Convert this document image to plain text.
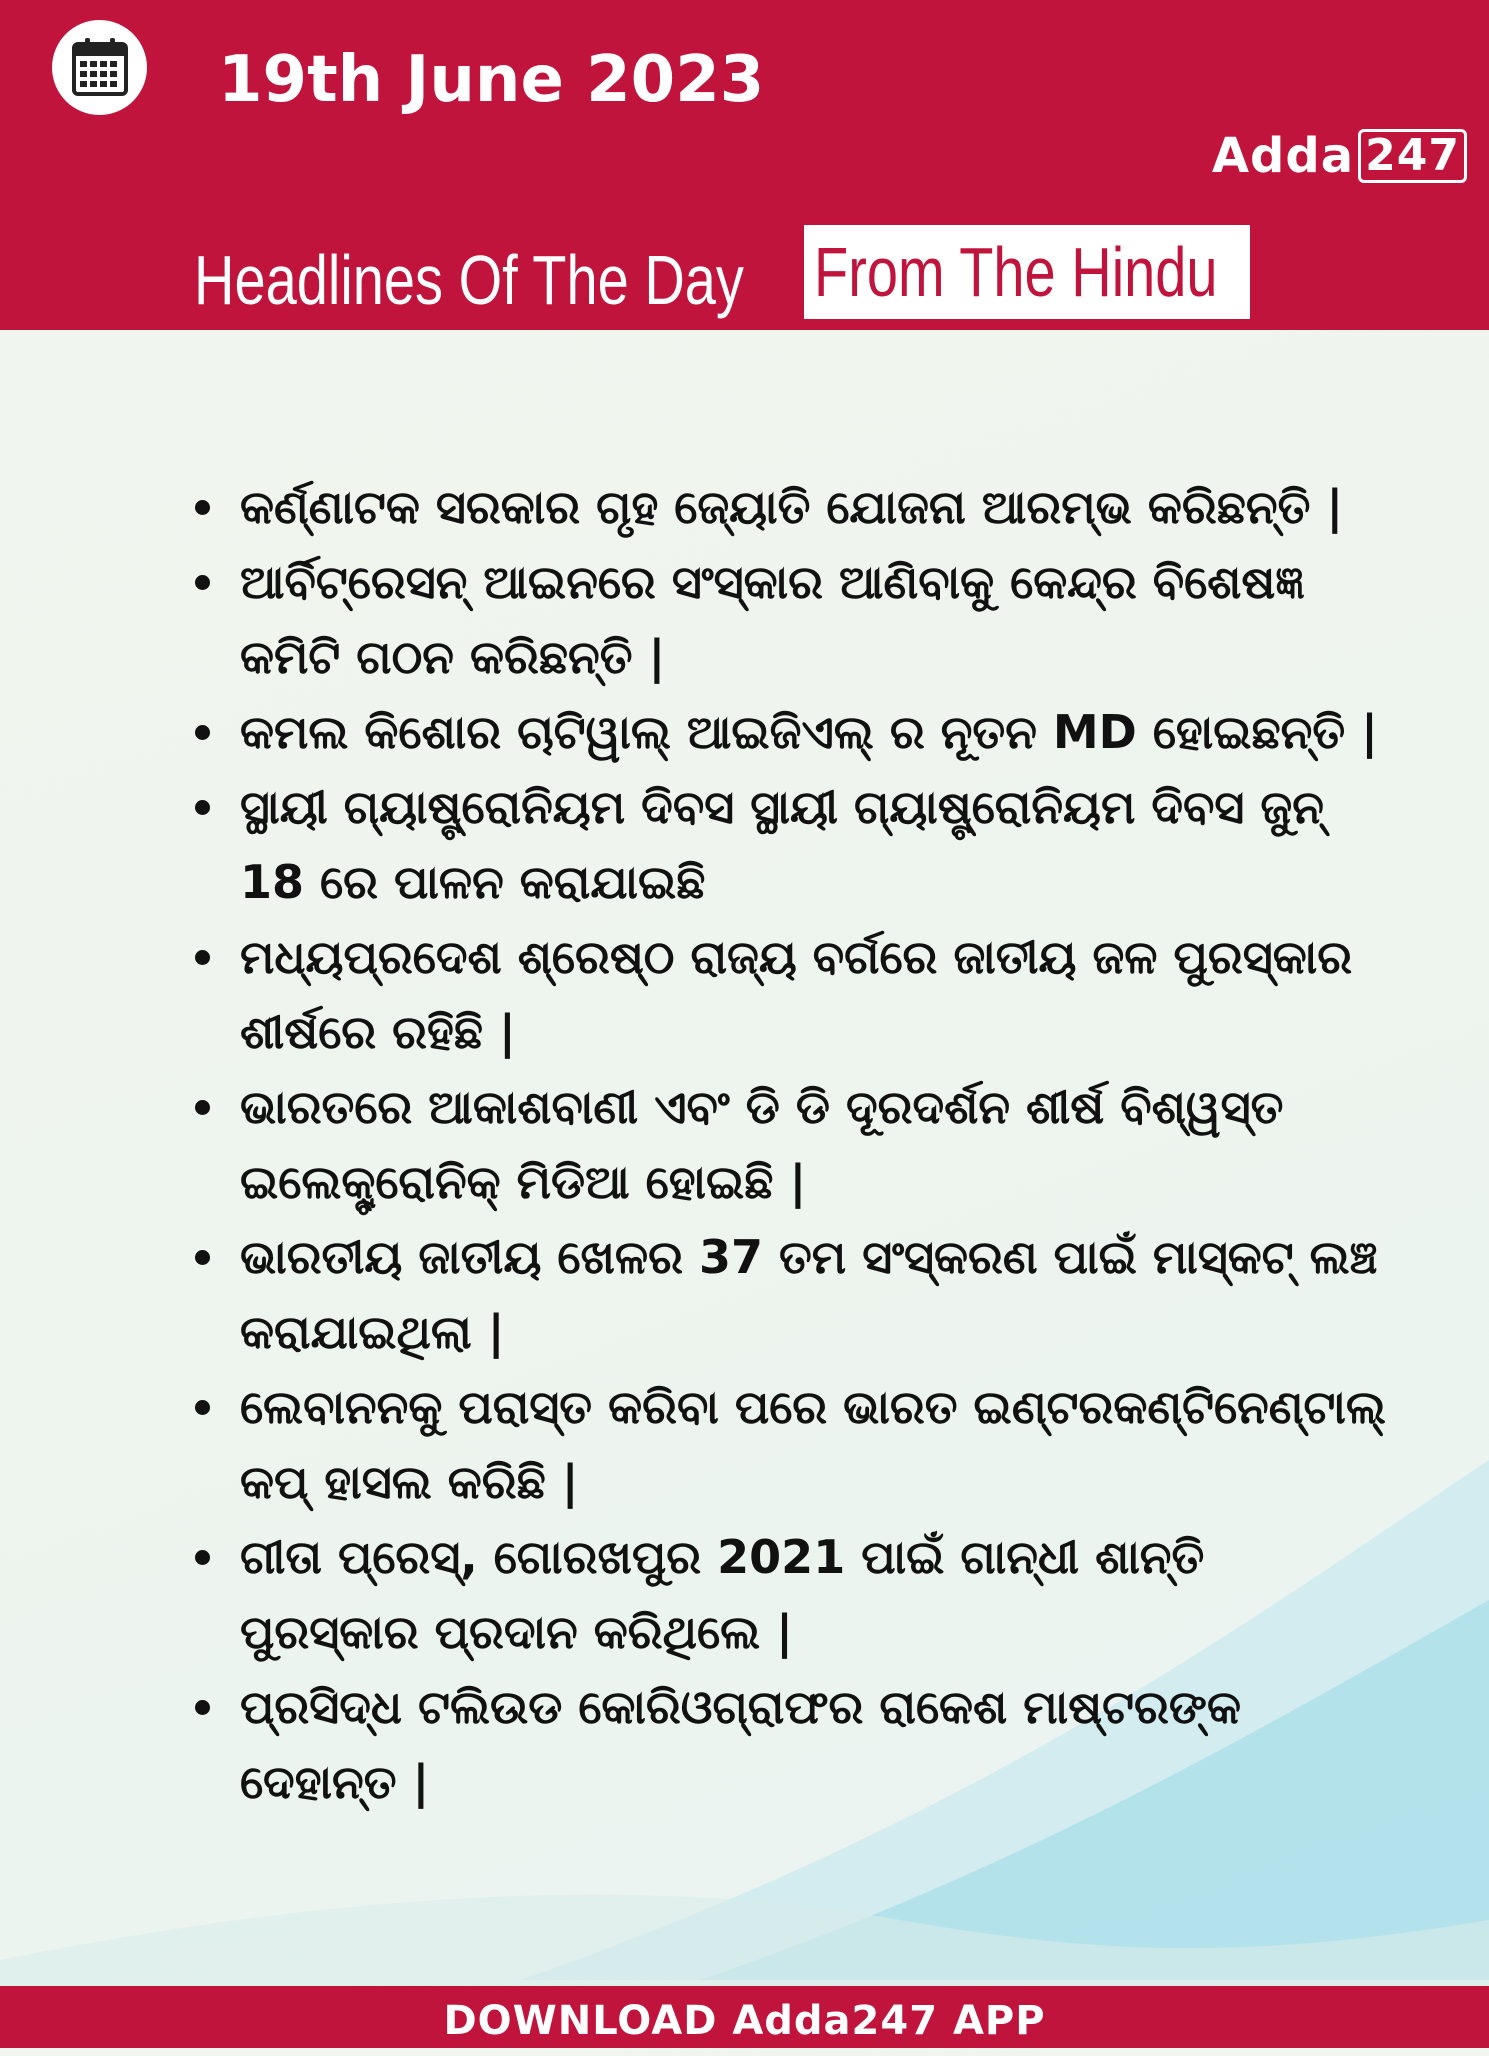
19th June 2023
Adda 247
Headlines Of The Day From The Hindu
କର୍ଣ୍ଣାଟକ ସରକାର ଗୃହ ଜ୍ୟୋତି ଯୋଜନା ଆରମ୍ଭ କରିଛନ୍ତି |
ଆର୍ବିଟ୍ରେସନ୍ ଆଇନରେ ସଂସ୍କାର ଆଣିବାକୁ କେନ୍ଦ୍ର ବିଶେଷଜ୍ଞ କମିଟି ଗଠନ କରିଛନ୍ତି |
କମଲ କିଶୋର ଚାଟିୱାଲ୍ ଆଇଜିଏଲ୍ ର ନୂତନ MD ହୋଇଛନ୍ତି |
ସ୍ଥାୟୀ ଗ୍ୟାଷ୍ଟ୍ରୋନିୟମ ଦିବସ ସ୍ଥାୟୀ ଗ୍ୟାଷ୍ଟ୍ରୋନିୟମ ଦିବସ ଜୁନ୍ 18 ରେ ପାଳନ କରାଯାଇଛି
ମଧ୍ୟପ୍ରଦେଶ ଶ୍ରେଷ୍ଠ ରାଜ୍ୟ ବର୍ଗରେ ଜାତୀୟ ଜଳ ପୁରସ୍କାର ଶୀର୍ଷରେ ରହିଛି |
ଭାରତରେ ଆକାଶବାଣୀ ଏବଂ ଡି ଡି ଦୂରଦର୍ଶନ ଶୀର୍ଷ ବିଶ୍ୱସ୍ତ ଇଲେକ୍ଟ୍ରୋନିକ୍ ମିଡିଆ ହୋଇଛି |
ଭାରତୀୟ ଜାତୀୟ ଖେଳର 37 ତମ ସଂସ୍କରଣ ପାଇଁ ମାସ୍କଟ୍ ଲଞ୍ଚ କରାଯାଇଥିଲା |
ଲେବାନନକୁ ପରାସ୍ତ କରିବା ପରେ ଭାରତ ଇଣ୍ଟରକଣ୍ଟିନେଣ୍ଟାଲ୍ କପ୍ ହାସଲ କରିଛି |
ଗୀତା ପ୍ରେସ୍, ଗୋରଖପୁର 2021 ପାଇଁ ଗାନ୍ଧୀ ଶାନ୍ତି ପୁରସ୍କାର ପ୍ରଦାନ କରିଥିଲେ |
ପ୍ରସିଦ୍ଧ ଟଲିଉଡ କୋରିଓଗ୍ରାଫର ରାକେଶ ମାଷ୍ଟରଙ୍କ ଦେହାନ୍ତ |
DOWNLOAD Adda247 APP
